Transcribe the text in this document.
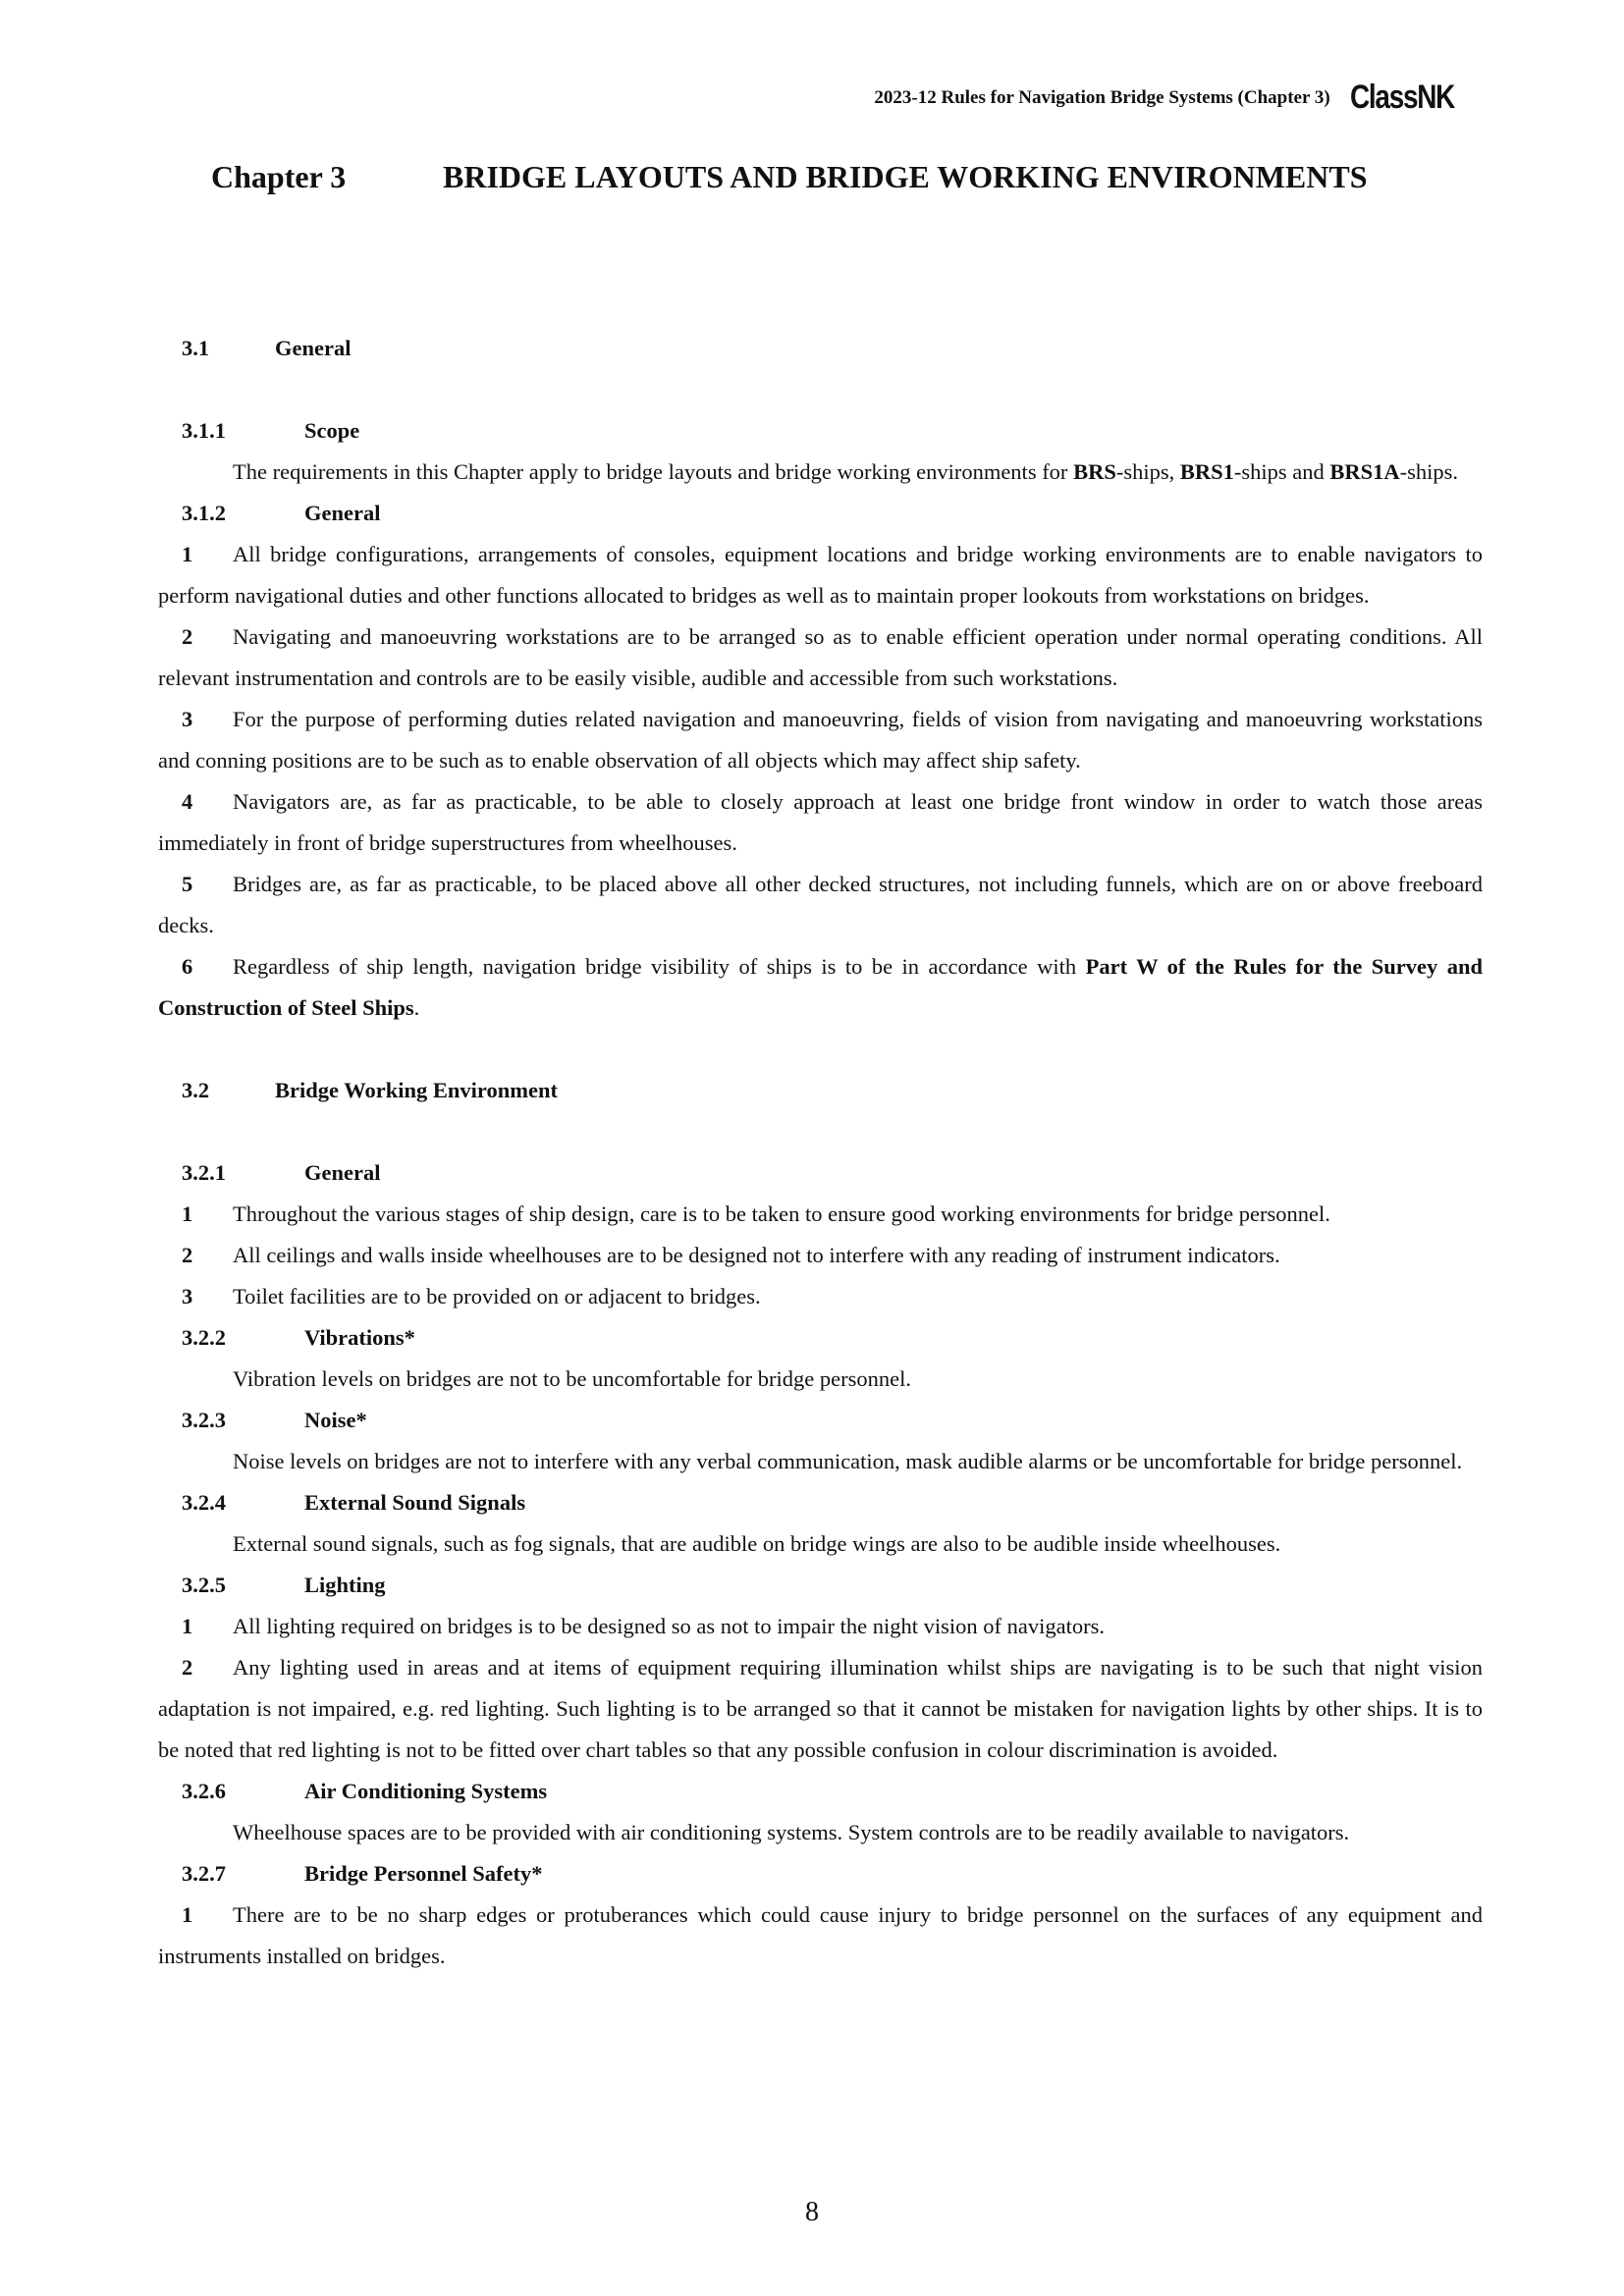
2023-12 Rules for Navigation Bridge Systems (Chapter 3) ClassNK
Chapter 3	BRIDGE LAYOUTS AND BRIDGE WORKING ENVIRONMENTS
3.1	General
3.1.1	Scope

The requirements in this Chapter apply to bridge layouts and bridge working environments for BRS-ships, BRS1-ships and BRS1A-ships.

3.1.2	General

1 All bridge configurations, arrangements of consoles, equipment locations and bridge working environments are to enable navigators to perform navigational duties and other functions allocated to bridges as well as to maintain proper lookouts from workstations on bridges.

2 Navigating and manoeuvring workstations are to be arranged so as to enable efficient operation under normal operating conditions. All relevant instrumentation and controls are to be easily visible, audible and accessible from such workstations.

3 For the purpose of performing duties related navigation and manoeuvring, fields of vision from navigating and manoeuvring workstations and conning positions are to be such as to enable observation of all objects which may affect ship safety.

4 Navigators are, as far as practicable, to be able to closely approach at least one bridge front window in order to watch those areas immediately in front of bridge superstructures from wheelhouses.

5 Bridges are, as far as practicable, to be placed above all other decked structures, not including funnels, which are on or above freeboard decks.

6 Regardless of ship length, navigation bridge visibility of ships is to be in accordance with Part W of the Rules for the Survey and Construction of Steel Ships.

3.2	Bridge Working Environment
3.2.1	General

1 Throughout the various stages of ship design, care is to be taken to ensure good working environments for bridge personnel.

2 All ceilings and walls inside wheelhouses are to be designed not to interfere with any reading of instrument indicators.

3 Toilet facilities are to be provided on or adjacent to bridges.

3.2.2	Vibrations*

Vibration levels on bridges are not to be uncomfortable for bridge personnel.

3.2.3	Noise*

Noise levels on bridges are not to interfere with any verbal communication, mask audible alarms or be uncomfortable for bridge personnel.

3.2.4	External Sound Signals

External sound signals, such as fog signals, that are audible on bridge wings are also to be audible inside wheelhouses.

3.2.5	Lighting

1 All lighting required on bridges is to be designed so as not to impair the night vision of navigators.

2 Any lighting used in areas and at items of equipment requiring illumination whilst ships are navigating is to be such that night vision adaptation is not impaired, e.g. red lighting. Such lighting is to be arranged so that it cannot be mistaken for navigation lights by other ships. It is to be noted that red lighting is not to be fitted over chart tables so that any possible confusion in colour discrimination is avoided.

3.2.6	Air Conditioning Systems

Wheelhouse spaces are to be provided with air conditioning systems. System controls are to be readily available to navigators.

3.2.7	Bridge Personnel Safety*

1 There are to be no sharp edges or protuberances which could cause injury to bridge personnel on the surfaces of any equipment and instruments installed on bridges.

8
